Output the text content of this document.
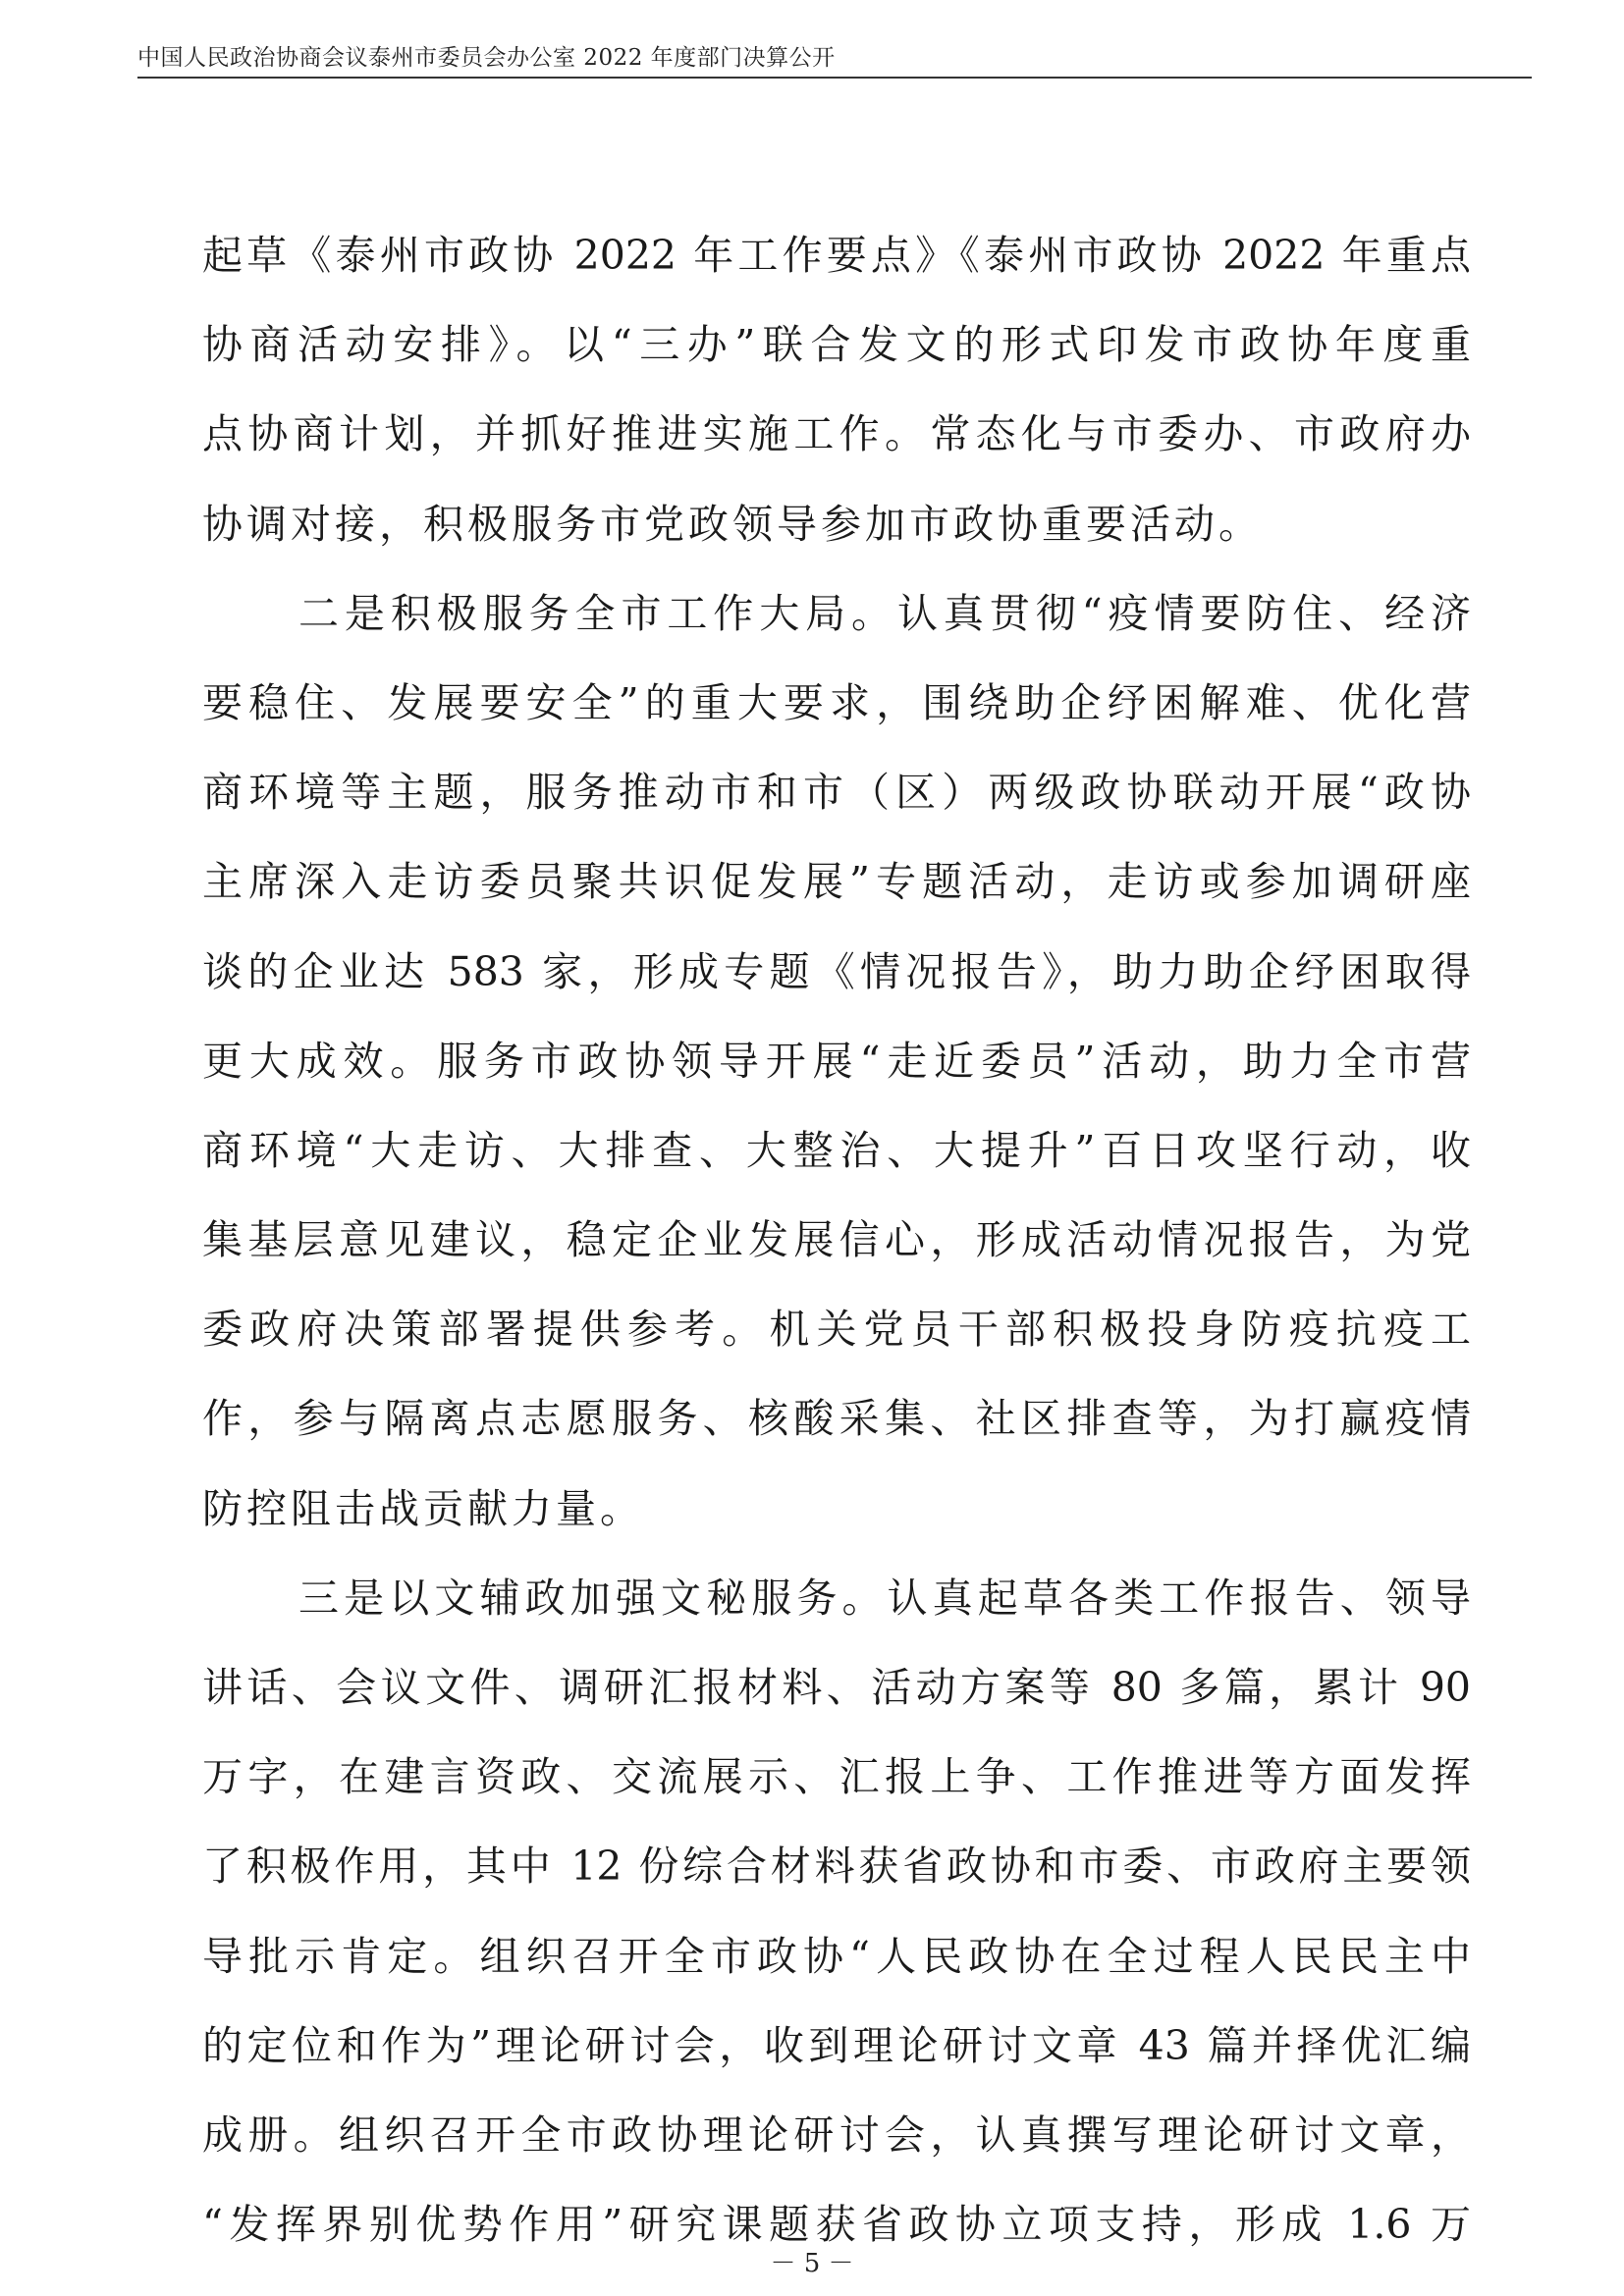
中国人民政治协商会议泰州市委员会办公室 2022 年度部门决算公开
起草《泰州市政协 2022 年工作要点》《泰州市政协 2022 年重点
协商活动安排》。以“三办”联合发文的形式印发市政协年度重
点协商计划，并抓好推进实施工作。常态化与市委办、市政府办
协调对接，积极服务市党政领导参加市政协重要活动。
二是积极服务全市工作大局。认真贯彻“疫情要防住、经济
要稳住、发展要安全”的重大要求，围绕助企纾困解难、优化营
商环境等主题，服务推动市和市（区）两级政协联动开展“政协
主席深入走访委员聚共识促发展”专题活动，走访或参加调研座
谈的企业达 583 家，形成专题《情况报告》，助力助企纾困取得
更大成效。服务市政协领导开展“走近委员”活动，助力全市营
商环境“大走访、大排查、大整治、大提升”百日攻坚行动，收
集基层意见建议，稳定企业发展信心，形成活动情况报告，为党
委政府决策部署提供参考。机关党员干部积极投身防疫抗疫工
作，参与隔离点志愿服务、核酸采集、社区排查等，为打赢疫情
防控阻击战贡献力量。
三是以文辅政加强文秘服务。认真起草各类工作报告、领导
讲话、会议文件、调研汇报材料、活动方案等 80 多篇，累计 90
万字，在建言资政、交流展示、汇报上争、工作推进等方面发挥
了积极作用，其中 12 份综合材料获省政协和市委、市政府主要领
导批示肯定。组织召开全市政协“人民政协在全过程人民民主中
的定位和作为”理论研讨会，收到理论研讨文章 43 篇并择优汇编
成册。组织召开全市政协理论研讨会，认真撰写理论研讨文章，
“发挥界别优势作用”研究课题获省政协立项支持，形成 1.6 万
－ 5 －
